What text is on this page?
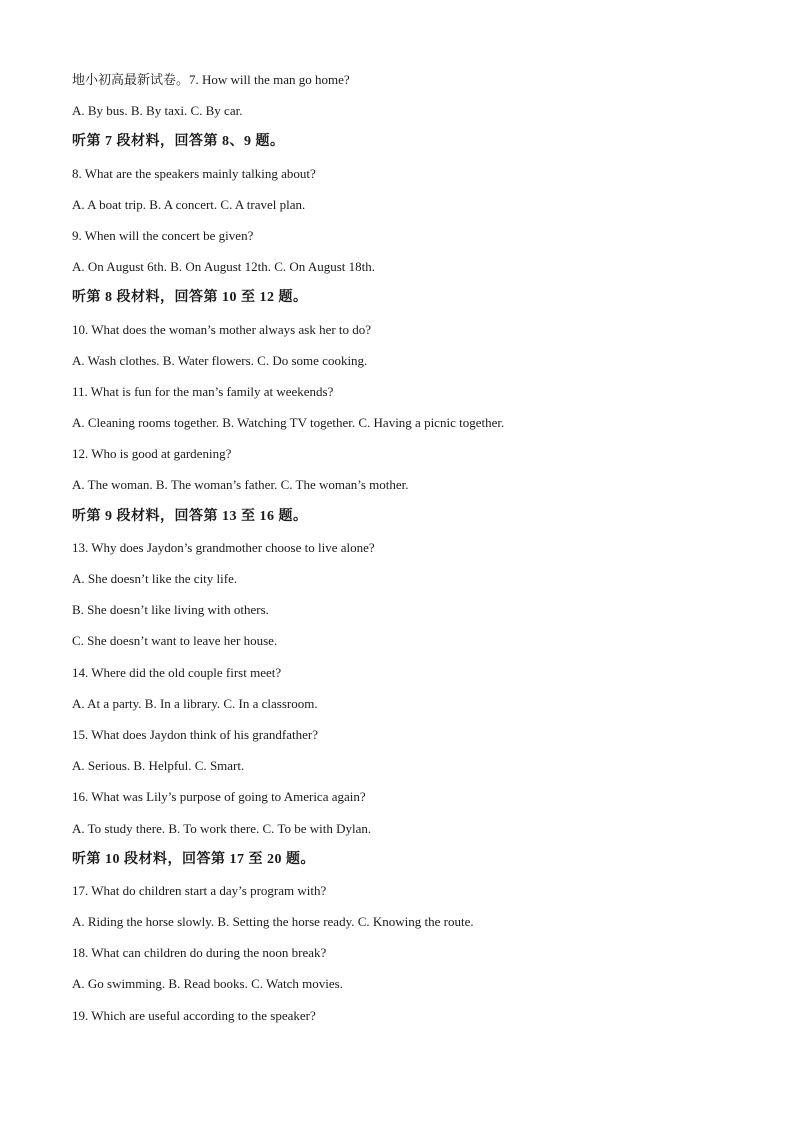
地小初高最新试卷。7. How will the man go home?
A. By bus. B. By taxi. C. By car.
听第 7 段材料，回答第 8、9 题。
8. What are the speakers mainly talking about?
A. A boat trip. B. A concert. C. A travel plan.
9. When will the concert be given?
A. On August 6th. B. On August 12th. C. On August 18th.
听第 8 段材料，回答第 10 至 12 题。
10. What does the woman’s mother always ask her to do?
A. Wash clothes. B. Water flowers. C. Do some cooking.
11. What is fun for the man’s family at weekends?
A. Cleaning rooms together. B. Watching TV together. C. Having a picnic together.
12. Who is good at gardening?
A. The woman. B. The woman’s father. C. The woman’s mother.
听第 9 段材料，回答第 13 至 16 题。
13. Why does Jaydon’s grandmother choose to live alone?
A. She doesn’t like the city life.
B. She doesn’t like living with others.
C. She doesn’t want to leave her house.
14. Where did the old couple first meet?
A. At a party. B. In a library. C. In a classroom.
15. What does Jaydon think of his grandfather?
A. Serious. B. Helpful. C. Smart.
16. What was Lily’s purpose of going to America again?
A. To study there. B. To work there. C. To be with Dylan.
听第 10 段材料，回答第 17 至 20 题。
17. What do children start a day’s program with?
A. Riding the horse slowly. B. Setting the horse ready. C. Knowing the route.
18. What can children do during the noon break?
A. Go swimming. B. Read books. C. Watch movies.
19. Which are useful according to the speaker?
